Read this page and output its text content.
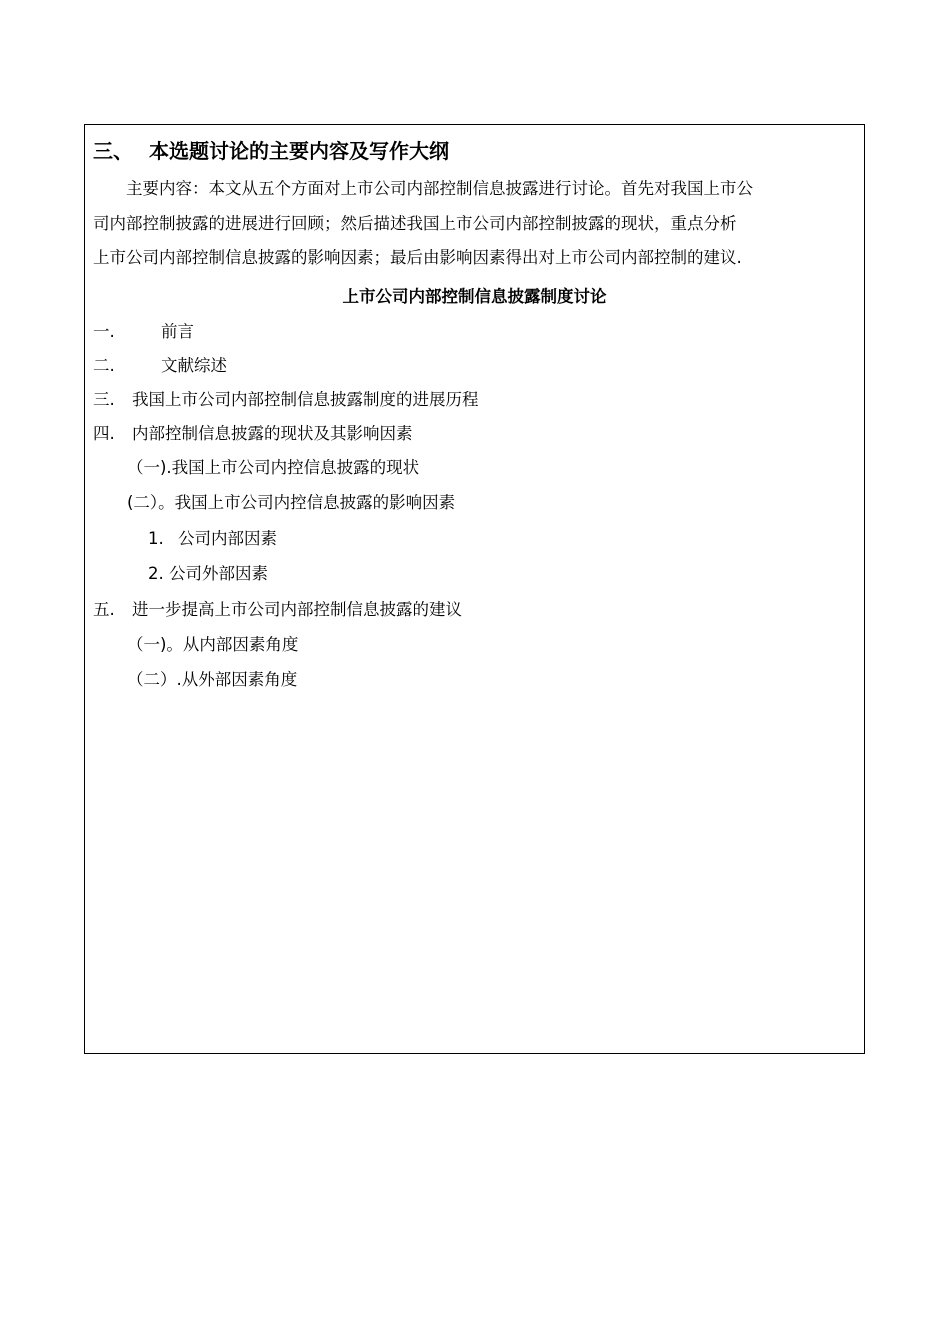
三、 本选题讨论的主要内容及写作大纲
　　主要内容：本文从五个方面对上市公司内部控制信息披露进行讨论。首先对我国上市公
司内部控制披露的进展进行回顾；然后描述我国上市公司内部控制披露的现状，重点分析
上市公司内部控制信息披露的影响因素；最后由影响因素得出对上市公司内部控制的建议.
上市公司内部控制信息披露制度讨论
一.	前言
二.	文献综述
三. 我国上市公司内部控制信息披露制度的进展历程
四. 内部控制信息披露的现状及其影响因素
（一).我国上市公司内控信息披露的现状
(二）。我国上市公司内控信息披露的影响因素
1. 公司内部因素
2. 公司外部因素
五. 进一步提高上市公司内部控制信息披露的建议
（一)。从内部因素角度
（二）.从外部因素角度
